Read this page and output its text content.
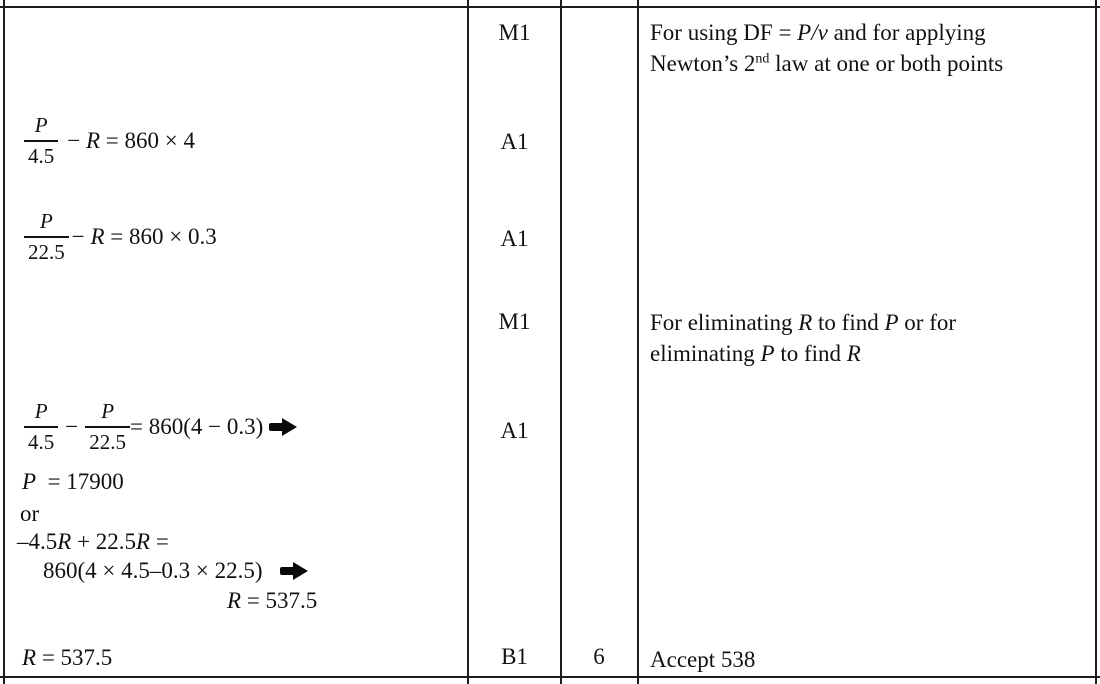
M1
A1
A1
M1
A1
B1	6
For using DF = P/v and for applying
Newton’s 2nd law at one or both points
For eliminating R to find P or for
eliminating P to find R
Accept 538
$\frac{P}{4.5} - R = 860 \times 4$
$\frac{P}{22.5} - R = 860 \times 0.3$
$\frac{P}{4.5} - \frac{P}{22.5} = 860(4 - 0.3)$
P  = 17900
or
–4.5R + 22.5R =
860(4 × 4.5–0.3 × 22.5)
R = 537.5
R = 537.5
